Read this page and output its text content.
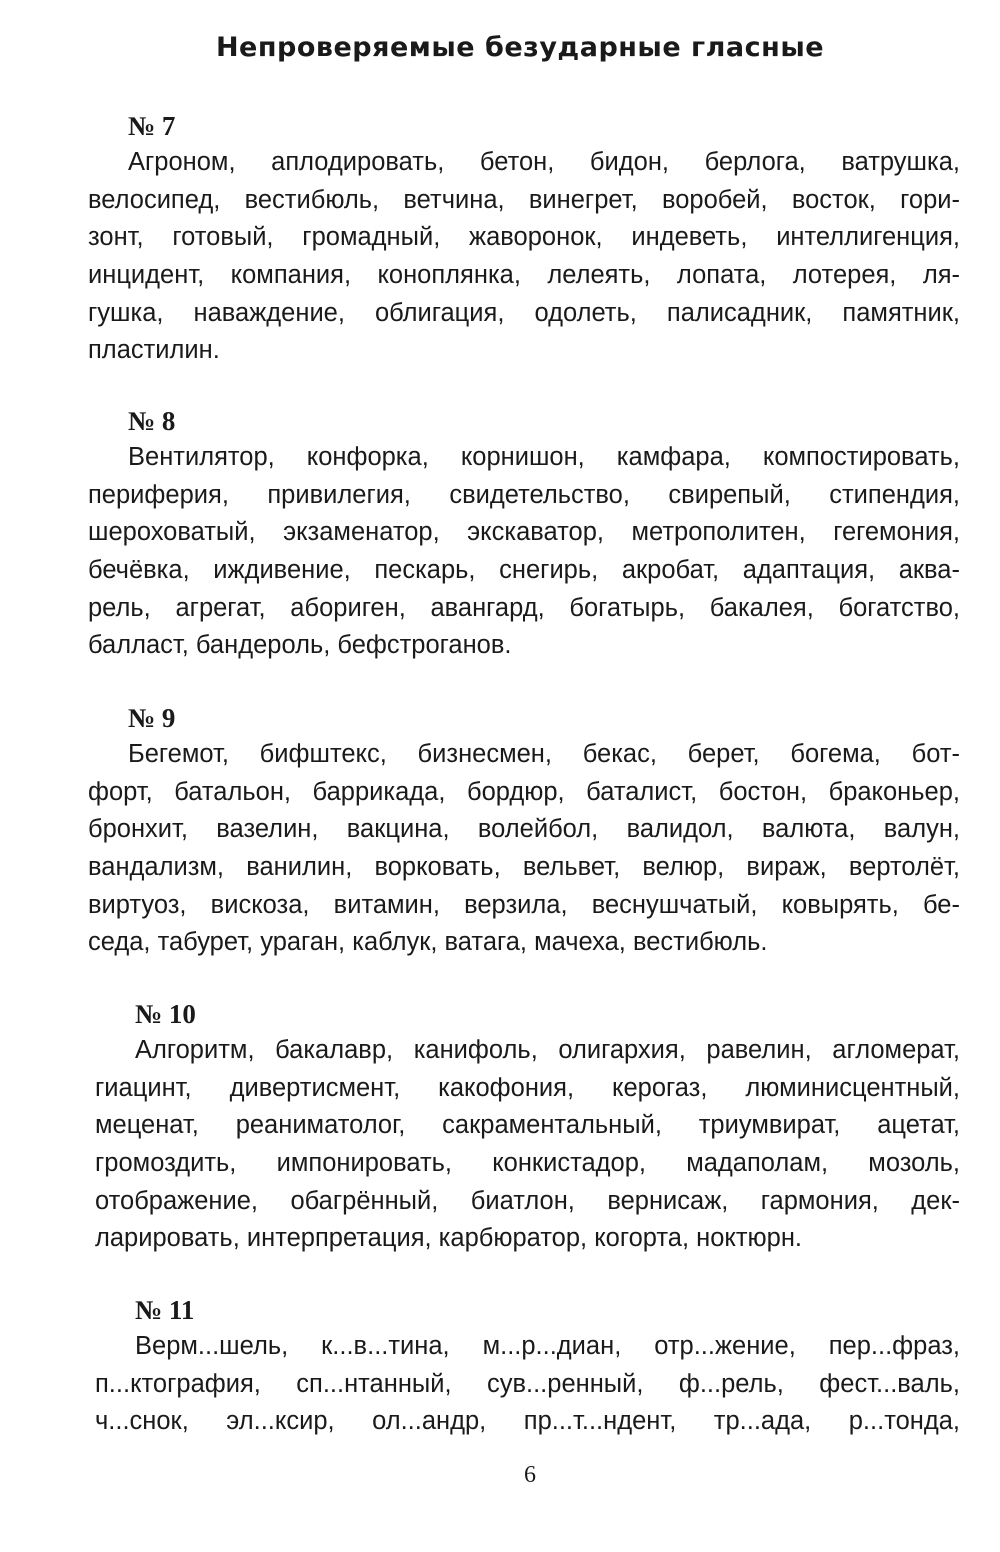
Непроверяемые безударные гласные
№ 7

Агроном, аплодировать, бетон, бидон, берлога, ватрушка,
велосипед, вестибюль, ветчина, винегрет, воробей, восток, гори-
зонт, готовый, громадный, жаворонок, индеветь, интеллигенция,
инцидент, компания, коноплянка, лелеять, лопата, лотерея, ля-
гушка, наваждение, облигация, одолеть, палисадник, памятник,
пластилин.

№ 8

Вентилятор, конфорка, корнишон, камфара, компостировать,
периферия, привилегия, свидетельство, свирепый, стипендия,
шероховатый, экзаменатор, экскаватор, метрополитен, гегемония,
бечёвка, иждивение, пескарь, снегирь, акробат, адаптация, аква-
рель, агрегат, абориген, авангард, богатырь, бакалея, богатство,
балласт, бандероль, бефстроганов.

№ 9

Бегемот, бифштекс, бизнесмен, бекас, берет, богема, бот-
форт, батальон, баррикада, бордюр, баталист, бостон, браконьер,
бронхит, вазелин, вакцина, волейбол, валидол, валюта, валун,
вандализм, ванилин, ворковать, вельвет, велюр, вираж, вертолёт,
виртуоз, вискоза, витамин, верзила, веснушчатый, ковырять, бе-
седа, табурет, ураган, каблук, ватага, мачеха, вестибюль.

№ 10

Алгоритм, бакалавр, канифоль, олигархия, равелин, агломерат,
гиацинт, дивертисмент, какофония, керогаз, люминисцентный,
меценат, реаниматолог, сакраментальный, триумвират, ацетат,
громоздить, импонировать, конкистадор, мадаполам, мозоль,
отображение, обагрённый, биатлон, вернисаж, гармония, дек-
ларировать, интерпретация, карбюратор, когорта, ноктюрн.

№ 11

Верм...шель, к...в...тина, м...р...диан, отр...жение, пер...фраз,
п...ктография, сп...нтанный, сув...ренный, ф...рель, фест...валь,
ч...снок, эл...ксир, ол...андр, пр...т...ндент, тр...ада, р...тонда,

6
